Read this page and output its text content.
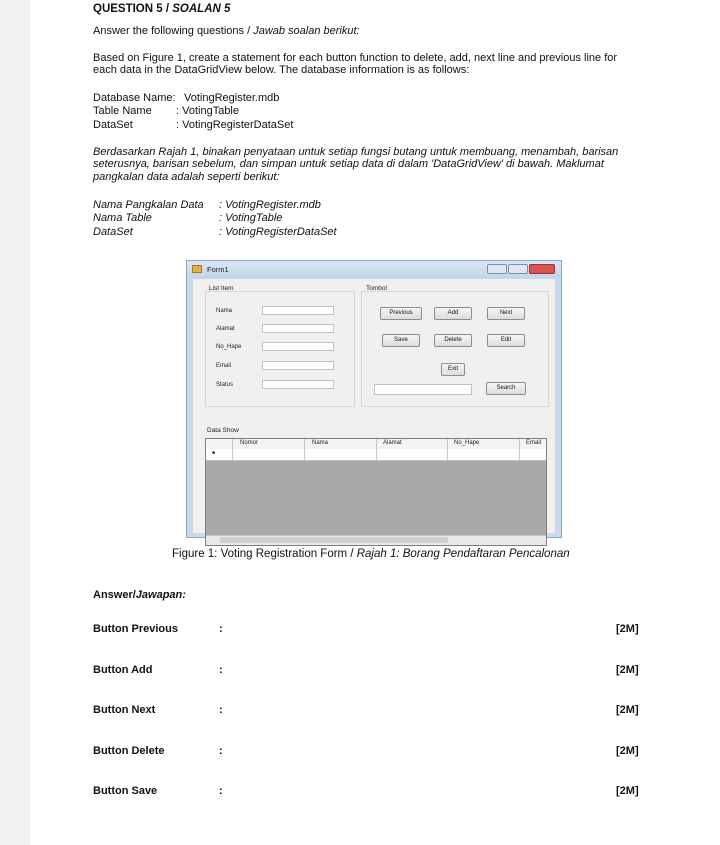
QUESTION 5 / SOALAN 5
Answer the following questions / Jawab soalan berikut:
Based on Figure 1, create a statement for each button function to delete, add, next line and previous line for
each data in the DataGridView below. The database information is as follows:
Database Name: VotingRegister.mdb
Table Name : VotingTable
DataSet	: VotingRegisterDataSet
Berdasarkan Rajah 1, binakan penyataan untuk setiap fungsi butang untuk membuang, menambah, barisan
seterusnya, barisan sebelum, dan simpan untuk setiap data di dalam 'DataGridView' di bawah. Maklumat
pangkalan data adalah seperti berikut:
Nama Pangkalan Data : VotingRegister.mdb
Nama Table	: VotingTable
DataSet	: VotingRegisterDataSet
Form1
List Item
Nama
Alamat
No_Hape
Email
Status
Tombol
Previous	Add	Next
Save	Delete	Edit
Exit
Search
Data Show
Nomor	Nama	Alamat	No_Hape	Email
*
Figure 1: Voting Registration Form / Rajah 1: Borang Pendaftaran Pencalonan
Answer/Jawapan:
Button Previous	:	[2M]
Button Add	:	[2M]
Button Next	:	[2M]
Button Delete	:	[2M]
Button Save	:	[2M]
